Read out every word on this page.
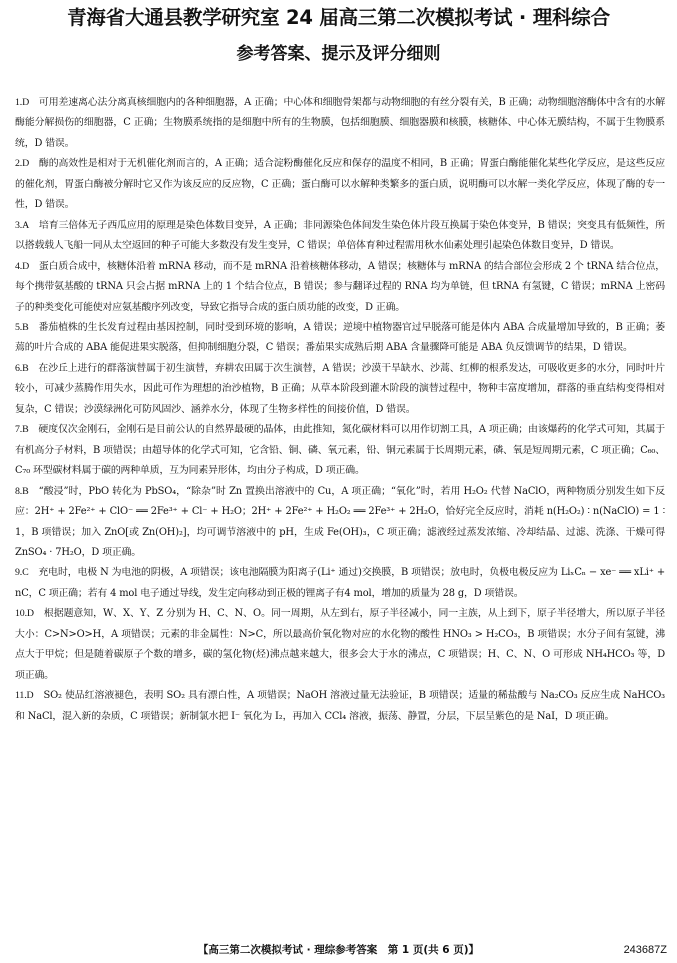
青海省大通县教学研究室 24 届高三第二次模拟考试 · 理科综合
参考答案、提示及评分细则
1.D　 可用差速离心法分离真核细胞内的各种细胞器，A 正确；中心体和细胞骨架都与动物细胞的有丝分裂有关，B 正确；动物细胞溶酶体中含有的水解酶能分解损伤的细胞器，C 正确；生物膜系统指的是细胞中所有的生物膜，包括细胞膜、细胞器膜和核膜，核糖体、中心体无膜结构，不属于生物膜系统，D 错误。
2.D　 酶的高效性是相对于无机催化剂而言的，A 正确；适合淀粉酶催化反应和保存的温度不相同，B 正确；胃蛋白酶能催化某些化学反应，是这些反应的催化剂，胃蛋白酶被分解时它又作为该反应的反应物，C 正确；蛋白酶可以水解种类繁多的蛋白质，说明酶可以水解一类化学反应，体现了酶的专一性，D 错误。
3.A　 培育三倍体无子西瓜应用的原理是染色体数目变异，A 正确；非同源染色体间发生染色体片段互换属于染色体变异，B 错误；突变具有低频性，所以搭载载人飞船一同从太空返回的种子可能大多数没有发生变异，C 错误；单倍体育种过程需用秋水仙素处理引起染色体数目变异，D 错误。
4.D　 蛋白质合成中，核糖体沿着 mRNA 移动，而不是 mRNA 沿着核糖体移动，A 错误；核糖体与 mRNA 的结合部位会形成 2 个 tRNA 结合位点，每个携带氨基酸的 tRNA 只会占据 mRNA 上的 1 个结合位点，B 错误；参与翻译过程的 RNA 均为单链，但 tRNA 有氢键，C 错误；mRNA 上密码子的种类变化可能使对应氨基酸序列改变，导致它指导合成的蛋白质功能的改变，D 正确。
5.B　 番茄植株的生长发育过程由基因控制，同时受到环境的影响，A 错误；逆境中植物器官过早脱落可能是体内 ABA 合成量增加导致的，B 正确；萎蔫的叶片合成的 ABA 能促进果实脱落，但抑制细胞分裂，C 错误；番茄果实成熟后期 ABA 含量骤降可能是 ABA 负反馈调节的结果，D 错误。
6.B　 在沙丘上进行的群落演替属于初生演替，弃耕农田属于次生演替，A 错误；沙漠干旱缺水、沙蒿、红柳的根系发达，可吸收更多的水分，同时叶片较小，可减少蒸腾作用失水，因此可作为理想的治沙植物，B 正确；从草本阶段到灌木阶段的演替过程中，物种丰富度增加，群落的垂直结构变得相对复杂，C 错误；沙漠绿洲化可防风固沙、涵养水分，体现了生物多样性的间接价值，D 错误。
7.B　 硬度仅次金刚石，金刚石是目前公认的自然界最硬的晶体，由此推知，氮化碳材料可以用作切割工具，A 项正确；由该爆药的化学式可知，其属于有机高分子材料，B 项错误；由超导体的化学式可知，它含铅、铜、磷、氧元素，铅、铜元素属于长周期元素，磷、氧是短周期元素，C 项正确；C₆₀、C₇₀ 环型碳材料属于碳的两种单质，互为同素异形体，均由分子构成，D 项正确。
8.B　 “酸浸”时，PbO 转化为 PbSO₄，“除杂”时 Zn 置换出溶液中的 Cu，A 项正确；“氧化”时，若用 H₂O₂ 代替 NaClO，两种物质分别发生如下反应：2H⁺ + 2Fe²⁺ + ClO⁻ ══ 2Fe³⁺ + Cl⁻ + H₂O；2H⁺ + 2Fe²⁺ + H₂O₂ ══ 2Fe³⁺ + 2H₂O，恰好完全反应时，消耗 n(H₂O₂) ∶ n(NaClO) = 1 ∶ 1，B 项错误；加入 ZnO[或 Zn(OH)₂]，均可调节溶液中的 pH，生成 Fe(OH)₃，C 项正确；滤液经过蒸发浓缩、冷却结晶、过滤、洗涤、干燥可得 ZnSO₄ · 7H₂O，D 项正确。
9.C　 充电时，电极 N 为电池的阴极，A 项错误；该电池隔膜为阳离子(Li⁺ 通过)交换膜，B 项错误；放电时，负极电极反应为 LiₓCₙ − xe⁻ ══ xLi⁺ + nC，C 项正确；若有 4 mol 电子通过导线，发生定向移动到正极的锂离子有4 mol，增加的质量为 28 g，D 项错误。
10.D　 根据题意知，W、X、Y、Z 分别为 H、C、N、O。同一周期，从左到右，原子半径减小，同一主族，从上到下，原子半径增大，所以原子半径大小：C>N>O>H，A 项错误；元素的非金属性：N>C，所以最高价氧化物对应的水化物的酸性 HNO₃ > H₂CO₃，B 项错误；水分子间有氢键，沸点大于甲烷；但是随着碳原子个数的增多，碳的氢化物(烃)沸点越来越大，很多会大于水的沸点，C 项错误；H、C、N、O 可形成 NH₄HCO₃ 等，D 项正确。
11.D　 SO₂ 使品红溶液褪色，表明 SO₂ 具有漂白性，A 项错误；NaOH 溶液过量无法验证，B 项错误；适量的稀盐酸与 Na₂CO₃ 反应生成 NaHCO₃ 和 NaCl，混入新的杂质，C 项错误；新制氯水把 I⁻ 氧化为 I₂，再加入 CCl₄ 溶液，振荡、静置，分层，下层呈紫色的是 NaI，D 项正确。
【高三第二次模拟考试 · 理综参考答案　第 1 页(共 6 页)】	243687Z
